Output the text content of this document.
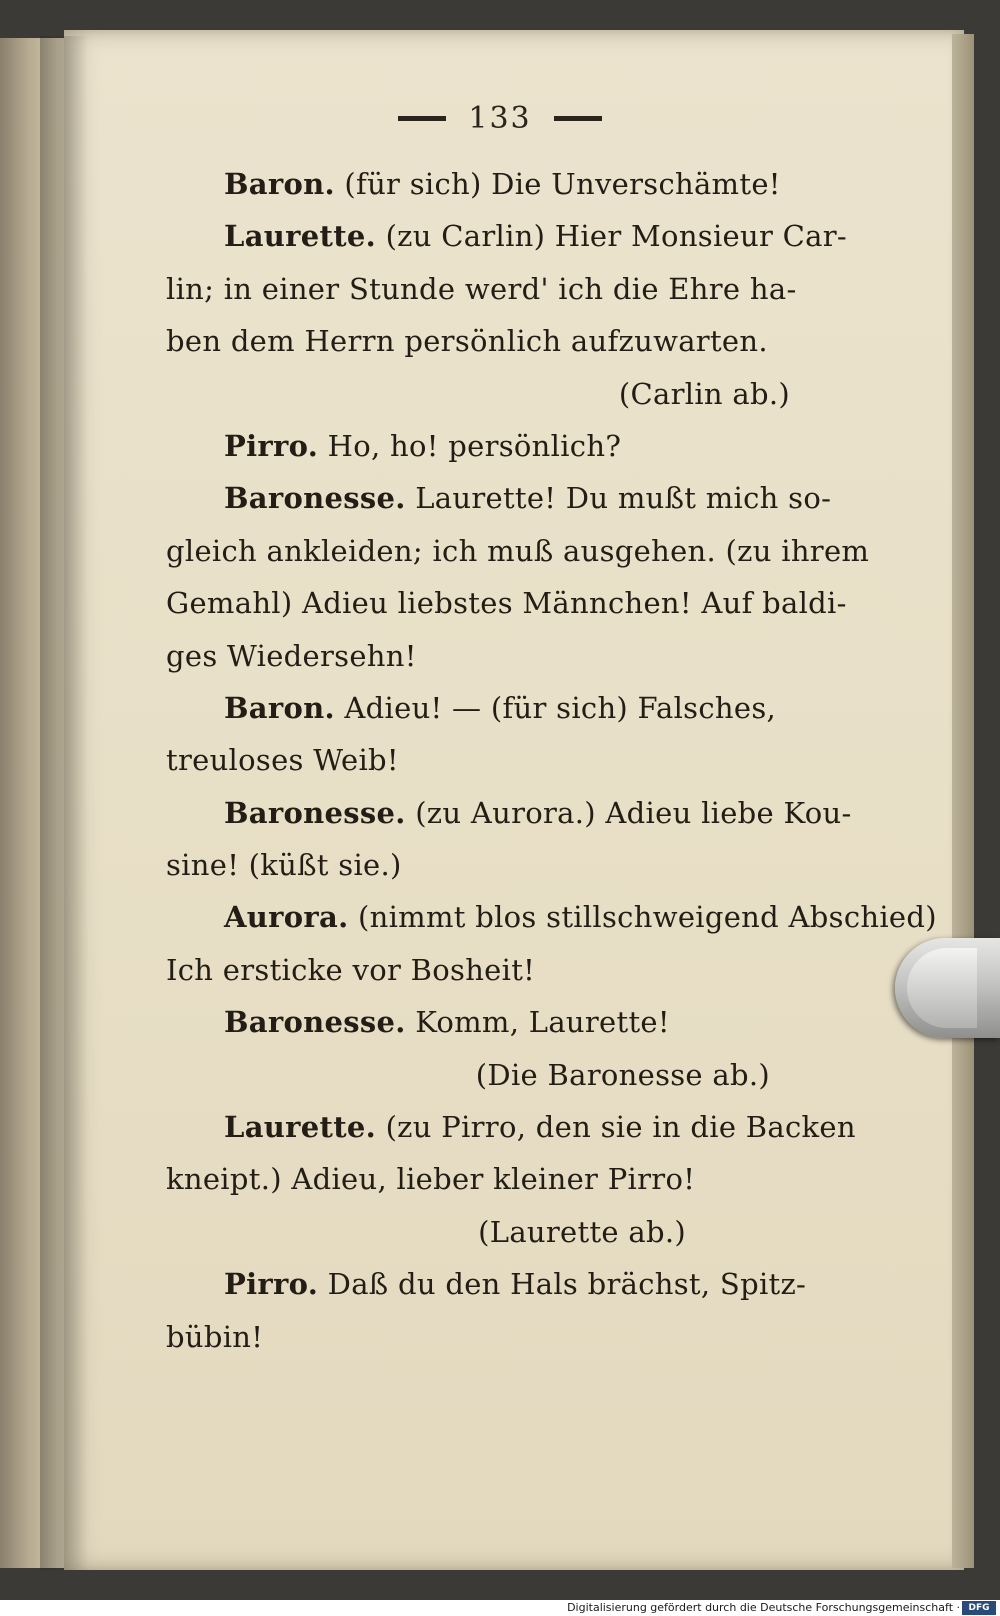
133
Baron. (für sich) Die Unverschämte!
Laurette. (zu Carlin) Hier Monsieur Car-
lin; in einer Stunde werd' ich die Ehre ha-
ben dem Herrn persönlich aufzuwarten.
(Carlin ab.)
Pirro. Ho, ho! persönlich?
Baronesse. Laurette! Du mußt mich so-
gleich ankleiden; ich muß ausgehen. (zu ihrem
Gemahl) Adieu liebstes Männchen! Auf baldi-
ges Wiedersehn!
Baron. Adieu! — (für sich) Falsches,
treuloses Weib!
Baronesse. (zu Aurora.) Adieu liebe Kou-
sine! (küßt sie.)
Aurora. (nimmt blos stillschweigend Abschied)
Ich ersticke vor Bosheit!
Baronesse. Komm, Laurette!
(Die Baronesse ab.)
Laurette. (zu Pirro, den sie in die Backen
kneipt.) Adieu, lieber kleiner Pirro!
(Laurette ab.)
Pirro. Daß du den Hals brächst, Spitz-
bübin!
Digitalisierung gefördert durch die Deutsche Forschungsgemeinschaft · DFG
